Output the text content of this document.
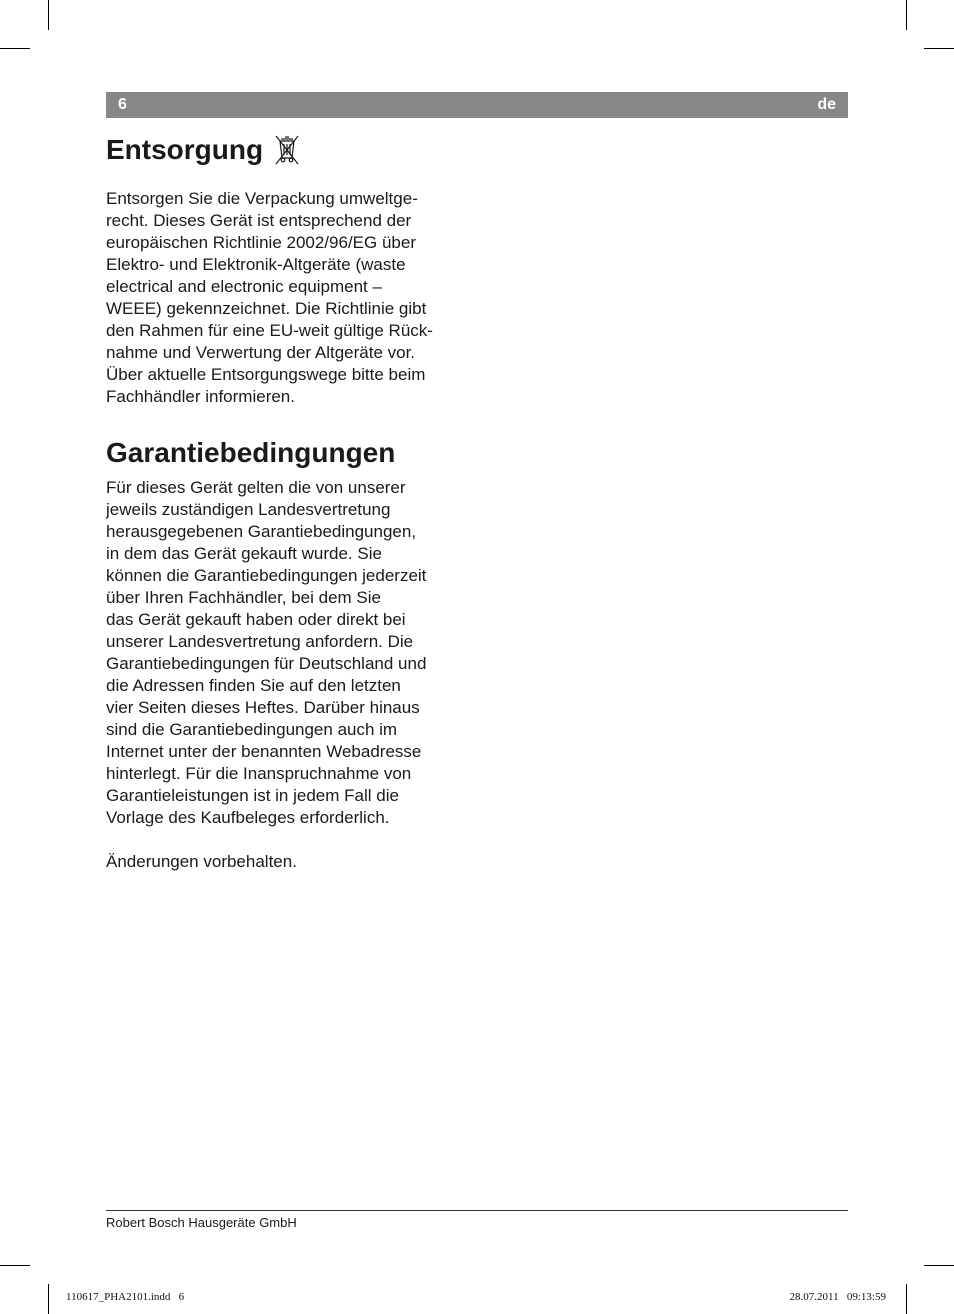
6	de
Entsorgung
Entsorgen Sie die Verpackung umweltge-
recht. Dieses Gerät ist entsprechend der
europäischen Richtlinie 2002/96/EG über
Elektro- und Elektronik-Altgeräte (waste
electrical and electronic equipment –
WEEE) gekennzeichnet. Die Richtlinie gibt
den Rahmen für eine EU-weit gültige Rück-
nahme und Verwertung der Altgeräte vor.
Über aktuelle Entsorgungswege bitte beim
Fachhändler informieren.
Garantiebedingungen
Für dieses Gerät gelten die von unserer
jeweils zuständigen Landesvertretung
herausgegebenen Garantiebedingungen,
in dem das Gerät gekauft wurde. Sie
können die Garantiebedingungen jederzeit
über Ihren Fachhändler, bei dem Sie
das Gerät gekauft haben oder direkt bei
unserer Landesvertretung anfordern. Die
Garantiebedingungen für Deutschland und
die Adressen finden Sie auf den letzten
vier Seiten dieses Heftes. Darüber hinaus
sind die Garantiebedingungen auch im
Internet unter der benannten Webadresse
hinterlegt. Für die Inanspruchnahme von
Garantieleistungen ist in jedem Fall die
Vorlage des Kaufbeleges erforderlich.
Änderungen vorbehalten.
Robert Bosch Hausgeräte GmbH
110617_PHA2101.indd   6	28.07.2011   09:13:59
